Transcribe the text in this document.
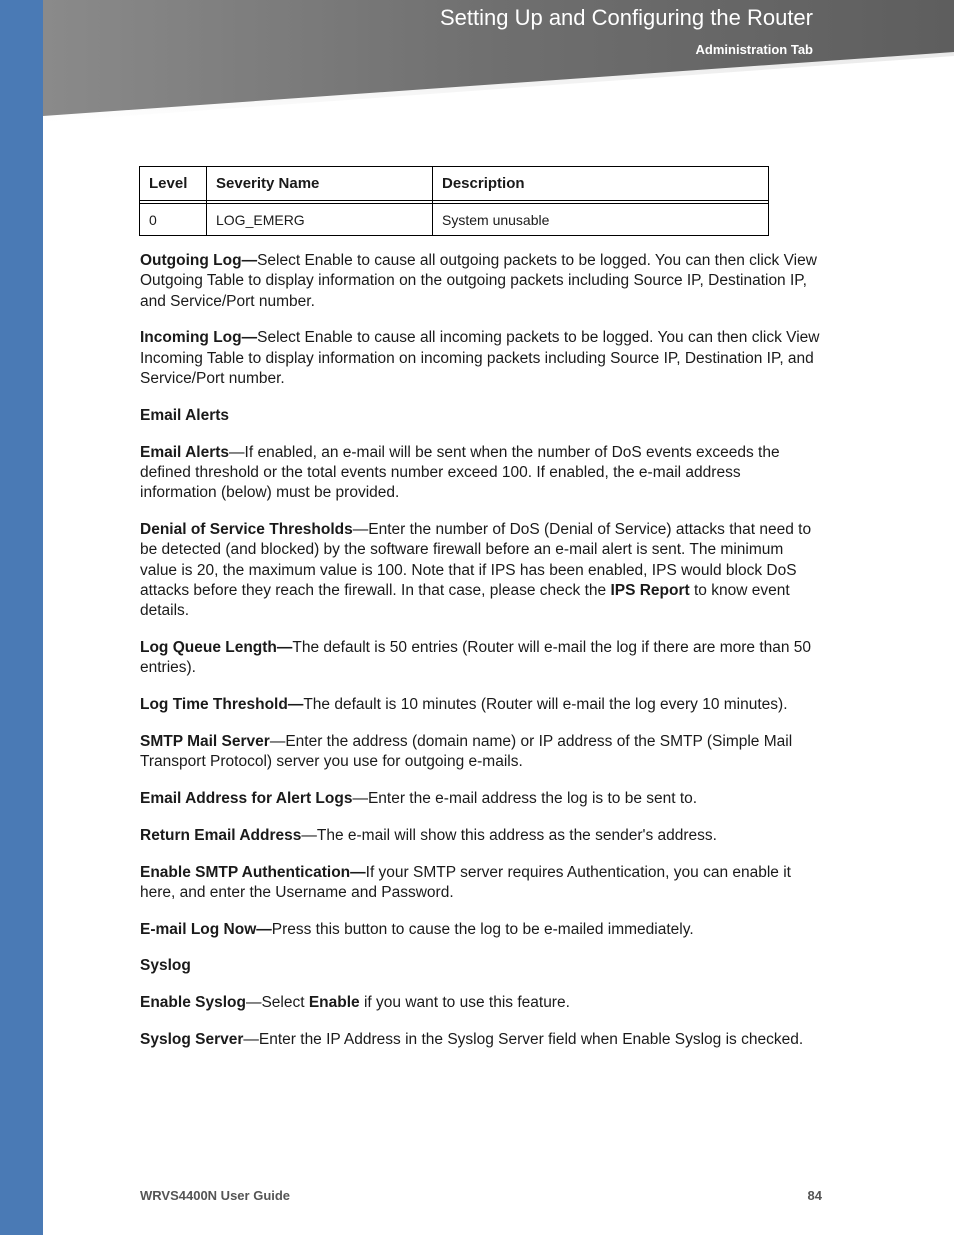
Setting Up and Configuring the Router
Administration Tab
Level	Severity Name	Description

0	LOG_EMERG	System unusable

Outgoing Log—Select Enable to cause all outgoing packets to be logged. You can then click View Outgoing Table to display information on the outgoing packets including Source IP, Destination IP, and Service/Port number.

Incoming Log—Select Enable to cause all incoming packets to be logged. You can then click View Incoming Table to display information on incoming packets including Source IP, Destination IP, and Service/Port number.

Email Alerts

Email Alerts—If enabled, an e-mail will be sent when the number of DoS events exceeds the defined threshold or the total events number exceed 100. If enabled, the e-mail address information (below) must be provided.

Denial of Service Thresholds—Enter the number of DoS (Denial of Service) attacks that need to be detected (and blocked) by the software firewall before an e-mail alert is sent. The minimum value is 20, the maximum value is 100. Note that if IPS has been enabled, IPS would block DoS attacks before they reach the firewall. In that case, please check the IPS Report to know event details.

Log Queue Length—The default is 50 entries (Router will e-mail the log if there are more than 50 entries).

Log Time Threshold—The default is 10 minutes (Router will e-mail the log every 10 minutes).

SMTP Mail Server—Enter the address (domain name) or IP address of the SMTP (Simple Mail Transport Protocol) server you use for outgoing e-mails.

Email Address for Alert Logs—Enter the e-mail address the log is to be sent to.

Return Email Address—The e-mail will show this address as the sender's address.

Enable SMTP Authentication—If your SMTP server requires Authentication, you can enable it here, and enter the Username and Password.

E-mail Log Now—Press this button to cause the log to be e-mailed immediately.

Syslog

Enable Syslog—Select Enable if you want to use this feature.

Syslog Server—Enter the IP Address in the Syslog Server field when Enable Syslog is checked.

WRVS4400N User Guide	84
